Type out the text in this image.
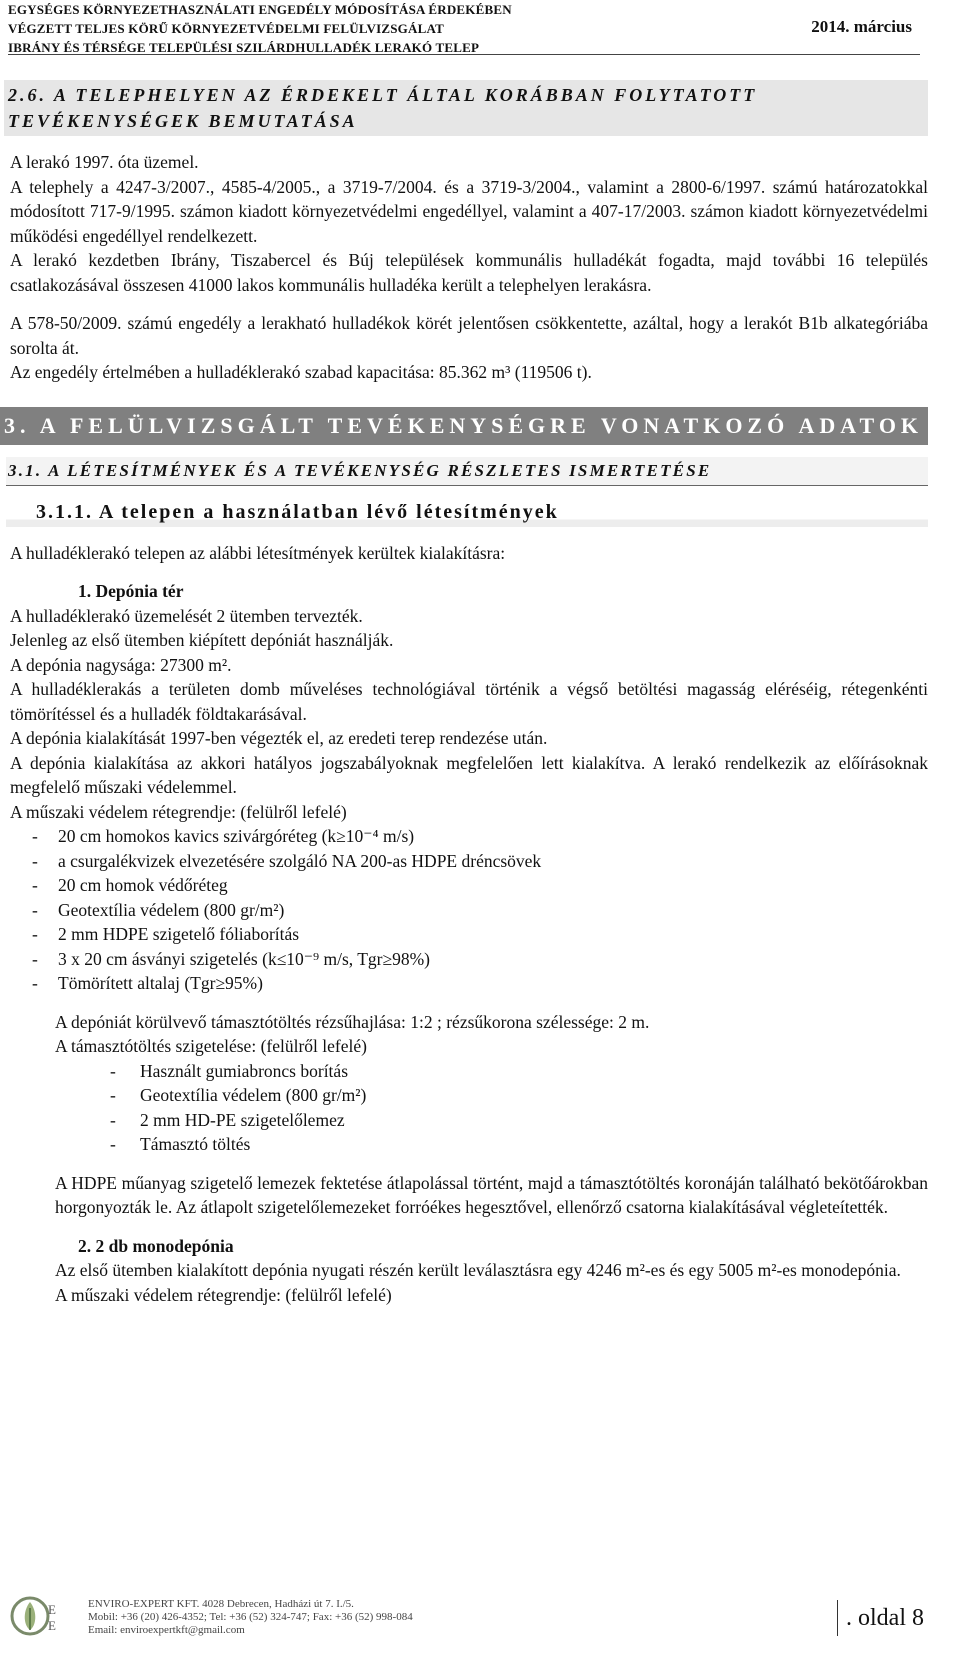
EGYSÉGES KÖRNYEZETHASZNÁLATI ENGEDÉLY MÓDOSÍTÁSA ÉRDEKÉBEN
VÉGZETT TELJES KÖRŰ KÖRNYEZETVÉDELMI FELÜLVIZSGÁLAT
IBRÁNY ÉS TÉRSÉGE TELEPÜLÉSI SZILÁRDHULLADÉK LERAKÓ TELEP
2014. március
2.6. A TELEPHELYEN AZ ÉRDEKELT ÁLTAL KORÁBBAN FOLYTATOTT TEVÉKENYSÉGEK BEMUTATÁSA

A lerakó 1997. óta üzemel.

A telephely a 4247-3/2007., 4585-4/2005., a 3719-7/2004. és a 3719-3/2004., valamint a 2800-6/1997. számú határozatokkal módosított 717-9/1995. számon kiadott környezetvédelmi engedéllyel, valamint a 407-17/2003. számon kiadott környezetvédelmi működési engedéllyel rendelkezett.

A lerakó kezdetben Ibrány, Tiszabercel és Búj települések kommunális hulladékát fogadta, majd további 16 település csatlakozásával összesen 41000 lakos kommunális hulladéka került a telephelyen lerakásra.

A 578-50/2009. számú engedély a lerakható hulladékok körét jelentősen csökkentette, azáltal, hogy a lerakót B1b alkategóriába sorolta át.

Az engedély értelmében a hulladéklerakó szabad kapacitása: 85.362 m³ (119506 t).

3. A FELÜLVIZSGÁLT TEVÉKENYSÉGRE VONATKOZÓ ADATOK
3.1. A LÉTESÍTMÉNYEK ÉS A TEVÉKENYSÉG RÉSZLETES ISMERTETÉSE
3.1.1. A telepen a használatban lévő létesítmények

A hulladéklerakó telepen az alábbi létesítmények kerültek kialakításra:

1. Depónia tér

A hulladéklerakó üzemelését 2 ütemben tervezték.

Jelenleg az első ütemben kiépített depóniát használják.

A depónia nagysága: 27300 m².

A hulladéklerakás a területen domb műveléses technológiával történik a végső betöltési magasság eléréséig, rétegenkénti tömörítéssel és a hulladék földtakarásával.

A depónia kialakítását 1997-ben végezték el, az eredeti terep rendezése után.

A depónia kialakítása az akkori hatályos jogszabályoknak megfelelően lett kialakítva. A lerakó rendelkezik az előírásoknak megfelelő műszaki védelemmel.

A műszaki védelem rétegrendje: (felülről lefelé)

- 20 cm homokos kavics szivárgóréteg (k≥10⁻⁴ m/s)
- a csurgalékvizek elvezetésére szolgáló NA 200-as HDPE dréncsövek
- 20 cm homok védőréteg
- Geotextília védelem (800 gr/m²)
- 2 mm HDPE szigetelő fóliaborítás
- 3 x 20 cm ásványi szigetelés (k≤10⁻⁹ m/s, Tgr≥98%)
- Tömörített altalaj (Tgr≥95%)

A depóniát körülvevő támasztótöltés rézsűhajlása: 1:2 ; rézsűkorona szélessége: 2 m.

A támasztótöltés szigetelése: (felülről lefelé)

- Használt gumiabroncs borítás
- Geotextília védelem (800 gr/m²)
- 2 mm HD-PE szigetelőlemez
- Támasztó töltés

A HDPE műanyag szigetelő lemezek fektetése átlapolással történt, majd a támasztótöltés koronáján található bekötőárokban horgonyozták le. Az átlapolt szigetelőlemezeket forróékes hegesztővel, ellenőrző csatorna kialakításával végleteítették.

2. 2 db monodepónia

Az első ütemben kialakított depónia nyugati részén került leválasztásra egy 4246 m²-es és egy 5005 m²-es monodepónia.

A műszaki védelem rétegrendje: (felülről lefelé)

E
E
ENVIRO-EXPERT KFT. 4028 Debrecen, Hadházi út 7. I./5.
Mobil: +36 (20) 426-4352; Tel: +36 (52) 324-747; Fax: +36 (52) 998-084
Email: enviroexpertkft@gmail.com	. oldal 8
